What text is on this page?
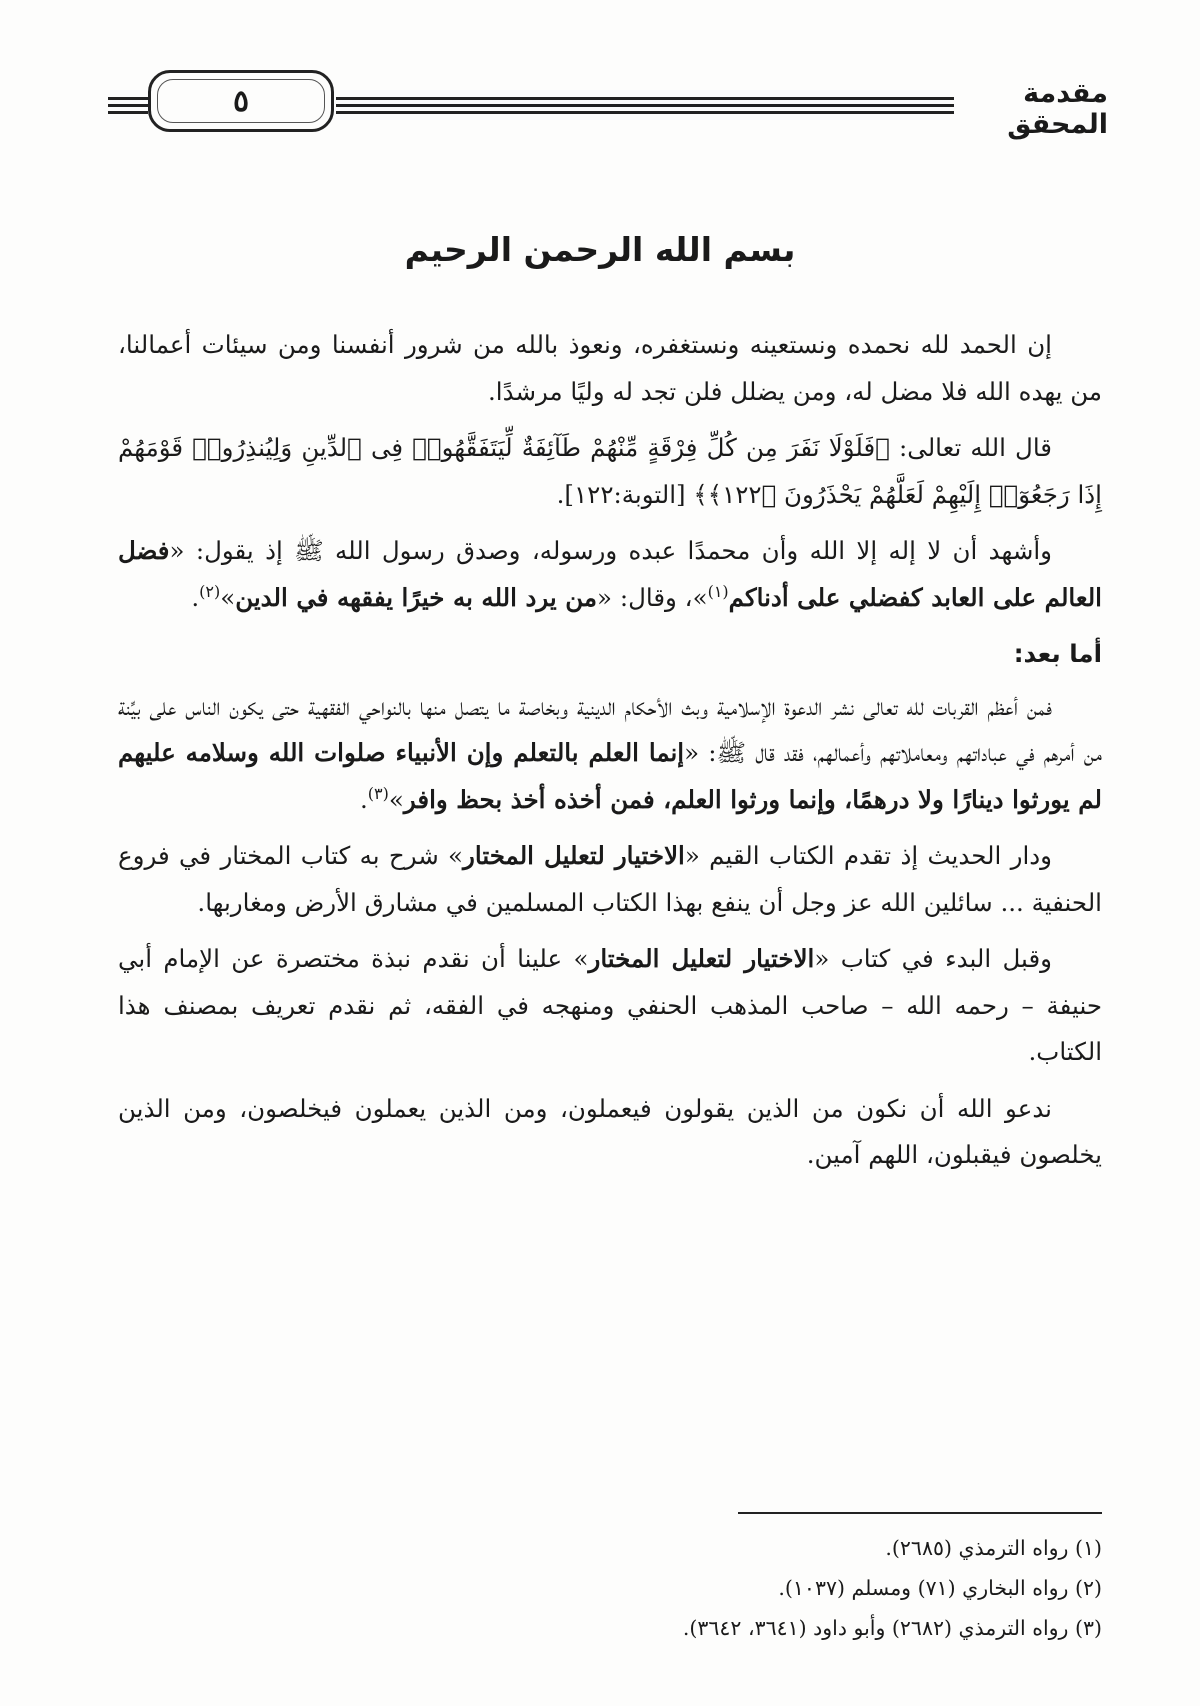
٥	مقدمة المحقق
بسم الله الرحمن الرحيم

إن الحمد لله نحمده ونستعينه ونستغفره، ونعوذ بالله من شرور أنفسنا ومن سيئات أعمالنا، من يهده الله فلا مضل له، ومن يضلل فلن تجد له وليًا مرشدًا.

قال الله تعالى: ﴿فَلَوْلَا نَفَرَ مِن كُلِّ فِرْقَةٍ مِّنْهُمْ طَآئِفَةٌ لِّيَتَفَقَّهُوا۟ فِى ٱلدِّينِ وَلِيُنذِرُوا۟ قَوْمَهُمْ إِذَا رَجَعُوٓا۟ إِلَيْهِمْ لَعَلَّهُمْ يَحْذَرُونَ ﴿١٢٢﴾﴾ [التوبة:١٢٢].

وأشهد أن لا إله إلا الله وأن محمدًا عبده ورسوله، وصدق رسول الله ﷺ إذ يقول: «فضل العالم على العابد كفضلي على أدناكم$^{(١)}$»، وقال: «من يرد الله به خيرًا يفقهه في الدين»$^{(٢)}$.

أما بعد:

فمن أعظم القربات لله تعالى نشر الدعوة الإسلامية وبث الأحكام الدينية وبخاصة ما يتصل منها بالنواحي الفقهية حتى يكون الناس على بيِّنة من أمرهم في عباداتهم ومعاملاتهم وأعمالهم، فقد قال ﷺ: «إنما العلم بالتعلم وإن الأنبياء صلوات الله وسلامه عليهم لم يورثوا دينارًا ولا درهمًا، وإنما ورثوا العلم، فمن أخذه أخذ بحظ وافر»$^{(٣)}$.

ودار الحديث إذ تقدم الكتاب القيم «الاختيار لتعليل المختار» شرح به كتاب المختار في فروع الحنفية ... سائلين الله عز وجل أن ينفع بهذا الكتاب المسلمين في مشارق الأرض ومغاربها.

وقبل البدء في كتاب «الاختيار لتعليل المختار» علينا أن نقدم نبذة مختصرة عن الإمام أبي حنيفة – رحمه الله – صاحب المذهب الحنفي ومنهجه في الفقه، ثم نقدم تعريف بمصنف هذا الكتاب.

ندعو الله أن نكون من الذين يقولون فيعملون، ومن الذين يعملون فيخلصون، ومن الذين يخلصون فيقبلون، اللهم آمين.

(١) رواه الترمذي (٢٦٨٥).
(٢) رواه البخاري (٧١) ومسلم (١٠٣٧).
(٣) رواه الترمذي (٢٦٨٢) وأبو داود (٣٦٤١، ٣٦٤٢).
